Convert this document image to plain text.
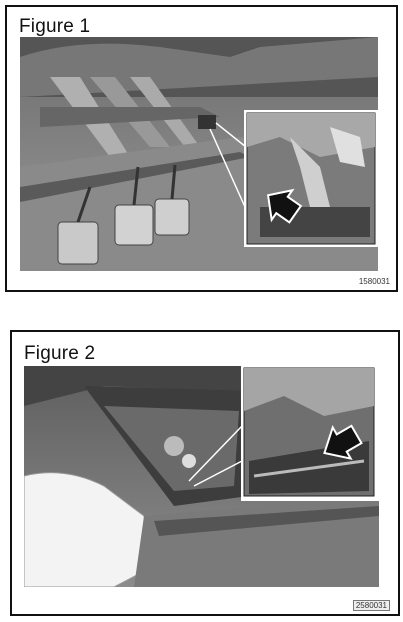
Figure 1
1580031
Figure 2
2580031
